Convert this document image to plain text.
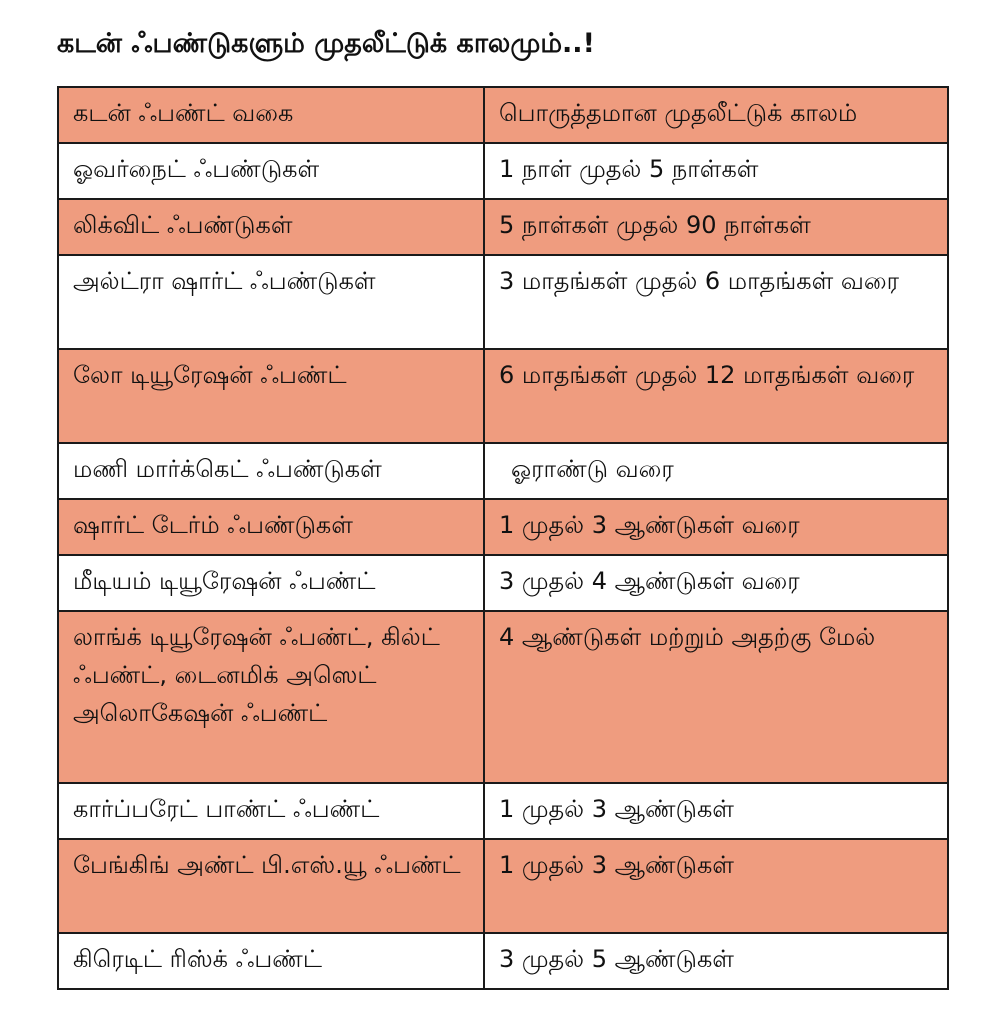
கடன் ஃபண்டுகளும் முதலீட்டுக் காலமும்..!
கடன் ஃபண்ட் வகை	பொருத்தமான முதலீட்டுக் காலம்
ஓவர்நைட் ஃபண்டுகள்	1 நாள் முதல் 5 நாள்கள்
லிக்விட் ஃபண்டுகள்	5 நாள்கள் முதல் 90 நாள்கள்
அல்ட்ரா ஷார்ட் ஃபண்டுகள்	3 மாதங்கள் முதல் 6 மாதங்கள் வரை
லோ டியூரேஷன் ஃபண்ட்	6 மாதங்கள் முதல் 12 மாதங்கள் வரை
மணி மார்க்கெட் ஃபண்டுகள்	ஓராண்டு வரை
ஷார்ட் டேர்ம் ஃபண்டுகள்	1 முதல் 3 ஆண்டுகள் வரை
மீடியம் டியூரேஷன் ஃபண்ட்	3 முதல் 4 ஆண்டுகள் வரை
லாங்க் டியூரேஷன் ஃபண்ட், கில்ட் ஃபண்ட், டைனமிக் அஸெட் அலொகேஷன் ஃபண்ட்	4 ஆண்டுகள் மற்றும் அதற்கு மேல்
கார்ப்பரேட் பாண்ட் ஃபண்ட்	1 முதல் 3 ஆண்டுகள்
பேங்கிங் அண்ட் பி.எஸ்.யூ ஃபண்ட்	1 முதல் 3 ஆண்டுகள்
கிரெடிட் ரிஸ்க் ஃபண்ட்	3 முதல் 5 ஆண்டுகள்
